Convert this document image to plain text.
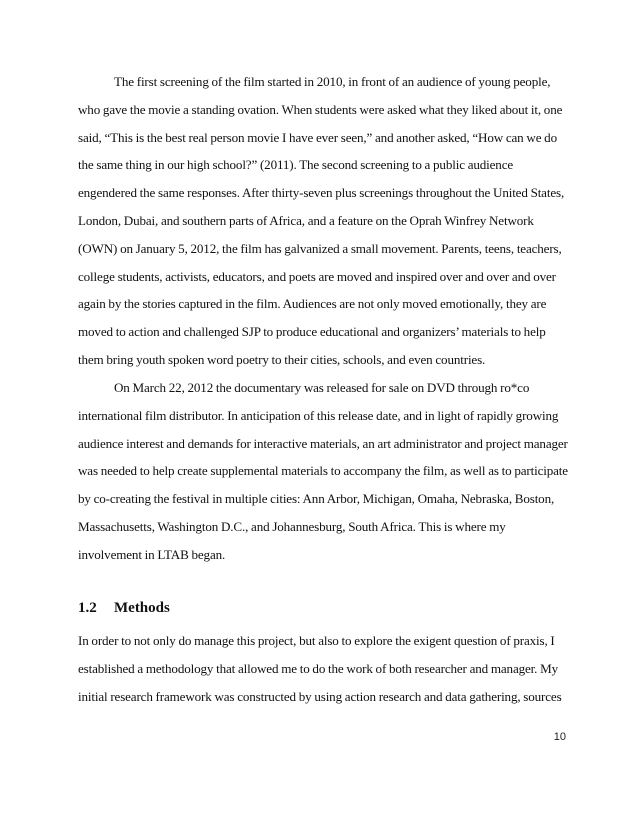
The first screening of the film started in 2010, in front of an audience of young people,
who gave the movie a standing ovation. When students were asked what they liked about it, one
said, “This is the best real person movie I have ever seen,” and another asked, “How can we do
the same thing in our high school?” (2011). The second screening to a public audience
engendered the same responses. After thirty-seven plus screenings throughout the United States,
London, Dubai, and southern parts of Africa, and a feature on the Oprah Winfrey Network
(OWN) on January 5, 2012, the film has galvanized a small movement. Parents, teens, teachers,
college students, activists, educators, and poets are moved and inspired over and over and over
again by the stories captured in the film. Audiences are not only moved emotionally, they are
moved to action and challenged SJP to produce educational and organizers’ materials to help
them bring youth spoken word poetry to their cities, schools, and even countries.
On March 22, 2012 the documentary was released for sale on DVD through ro*co
international film distributor. In anticipation of this release date, and in light of rapidly growing
audience interest and demands for interactive materials, an art administrator and project manager
was needed to help create supplemental materials to accompany the film, as well as to participate
by co-creating the festival in multiple cities: Ann Arbor, Michigan, Omaha, Nebraska, Boston,
Massachusetts, Washington D.C., and Johannesburg, South Africa. This is where my
involvement in LTAB began.
1.2 Methods
In order to not only do manage this project, but also to explore the exigent question of praxis, I
established a methodology that allowed me to do the work of both researcher and manager. My
initial research framework was constructed by using action research and data gathering, sources
10
